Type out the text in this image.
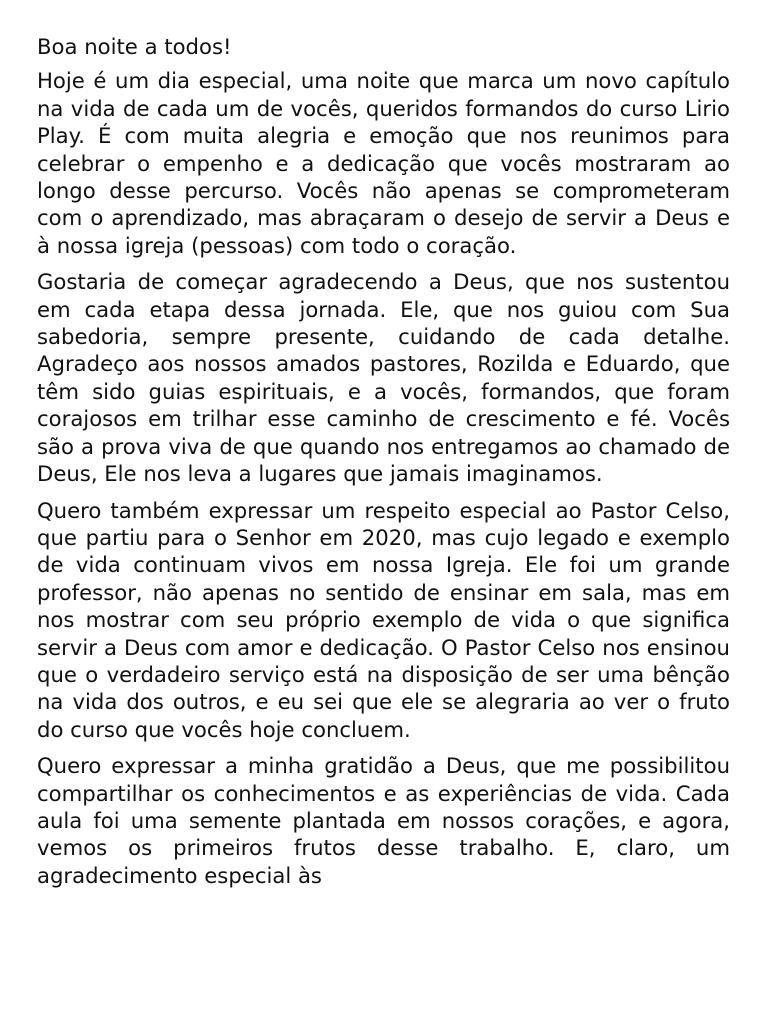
Boa noite a todos!

Hoje é um dia especial, uma noite que marca um novo capítulo na vida de cada um de vocês, queridos formandos do curso Lirio Play. É com muita alegria e emoção que nos reunimos para celebrar o empenho e a dedicação que vocês mostraram ao longo desse percurso. Vocês não apenas se comprometeram com o aprendizado, mas abraçaram o desejo de servir a Deus e à nossa igreja (pessoas) com todo o coração.

Gostaria de começar agradecendo a Deus, que nos sustentou em cada etapa dessa jornada. Ele, que nos guiou com Sua sabedoria, sempre presente, cuidando de cada detalhe. Agradeço aos nossos amados pastores, Rozilda e Eduardo, que têm sido guias espirituais, e a vocês, formandos, que foram corajosos em trilhar esse caminho de crescimento e fé. Vocês são a prova viva de que quando nos entregamos ao chamado de Deus, Ele nos leva a lugares que jamais imaginamos.

Quero também expressar um respeito especial ao Pastor Celso, que partiu para o Senhor em 2020, mas cujo legado e exemplo de vida continuam vivos em nossa Igreja. Ele foi um grande professor, não apenas no sentido de ensinar em sala, mas em nos mostrar com seu próprio exemplo de vida o que significa servir a Deus com amor e dedicação. O Pastor Celso nos ensinou que o verdadeiro serviço está na disposição de ser uma bênção na vida dos outros, e eu sei que ele se alegraria ao ver o fruto do curso que vocês hoje concluem.

Quero expressar a minha gratidão a Deus, que me possibilitou compartilhar os conhecimentos e as experiências de vida. Cada aula foi uma semente plantada em nossos corações, e agora, vemos os primeiros frutos desse trabalho. E, claro, um agradecimento especial às
